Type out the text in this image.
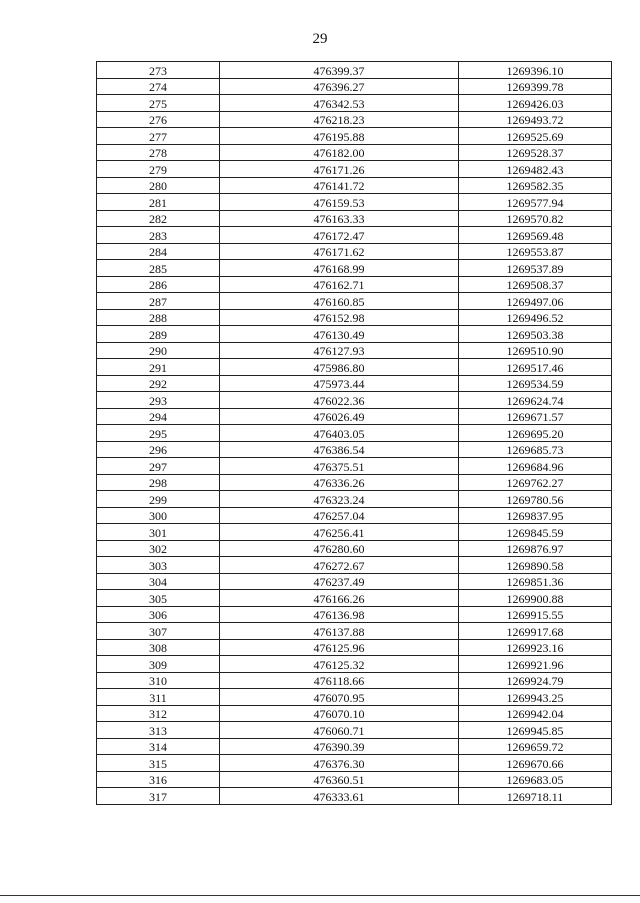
29
273	476399.37	1269396.10
274	476396.27	1269399.78
275	476342.53	1269426.03
276	476218.23	1269493.72
277	476195.88	1269525.69
278	476182.00	1269528.37
279	476171.26	1269482.43
280	476141.72	1269582.35
281	476159.53	1269577.94
282	476163.33	1269570.82
283	476172.47	1269569.48
284	476171.62	1269553.87
285	476168.99	1269537.89
286	476162.71	1269508.37
287	476160.85	1269497.06
288	476152.98	1269496.52
289	476130.49	1269503.38
290	476127.93	1269510.90
291	475986.80	1269517.46
292	475973.44	1269534.59
293	476022.36	1269624.74
294	476026.49	1269671.57
295	476403.05	1269695.20
296	476386.54	1269685.73
297	476375.51	1269684.96
298	476336.26	1269762.27
299	476323.24	1269780.56
300	476257.04	1269837.95
301	476256.41	1269845.59
302	476280.60	1269876.97
303	476272.67	1269890.58
304	476237.49	1269851.36
305	476166.26	1269900.88
306	476136.98	1269915.55
307	476137.88	1269917.68
308	476125.96	1269923.16
309	476125.32	1269921.96
310	476118.66	1269924.79
311	476070.95	1269943.25
312	476070.10	1269942.04
313	476060.71	1269945.85
314	476390.39	1269659.72
315	476376.30	1269670.66
316	476360.51	1269683.05
317	476333.61	1269718.11
